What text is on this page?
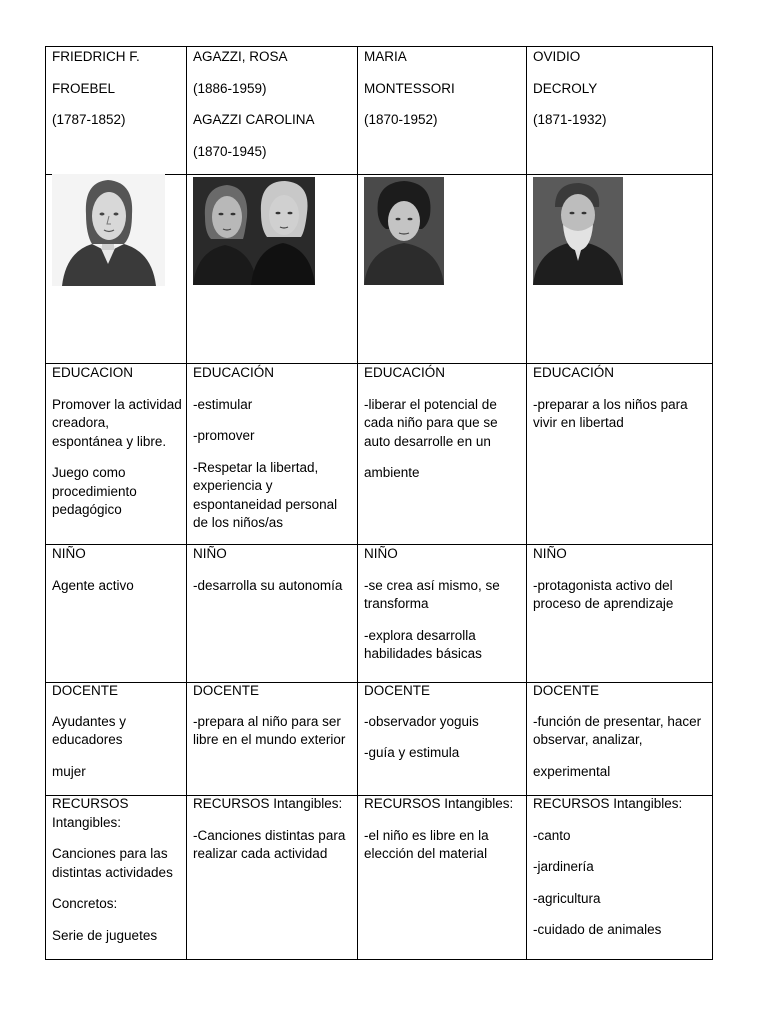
FRIEDRICH F.

FROEBEL

(1787-1852)

AGAZZI, ROSA

(1886-1959)

AGAZZI CAROLINA

(1870-1945)

MARIA

MONTESSORI

(1870-1952)

OVIDIO

DECROLY

(1871-1932)

EDUCACION

Promover la actividad creadora, espontánea y libre.

Juego como procedimiento pedagógico

EDUCACIÓN

-estimular

-promover

-Respetar la libertad, experiencia y espontaneidad personal de los niños/as

EDUCACIÓN

-liberar el potencial de cada niño para que se auto desarrolle en un

ambiente

EDUCACIÓN

-preparar a los niños para vivir en libertad

NIÑO

Agente activo

NIÑO

-desarrolla su autonomía

NIÑO

-se crea así mismo, se transforma

-explora desarrolla habilidades básicas

NIÑO

-protagonista activo del proceso de aprendizaje

DOCENTE

Ayudantes y educadores

mujer

DOCENTE

-prepara al niño para ser libre en el mundo exterior

DOCENTE

-observador yoguis

-guía y estimula

DOCENTE

-función de presentar, hacer observar, analizar,

experimental

RECURSOS Intangibles:

Canciones para las distintas actividades

Concretos:

Serie de juguetes

RECURSOS Intangibles:

-Canciones distintas para realizar cada actividad

RECURSOS Intangibles:

-el niño es libre en la elección del material

RECURSOS Intangibles:

-canto

-jardinería

-agricultura

-cuidado de animales
